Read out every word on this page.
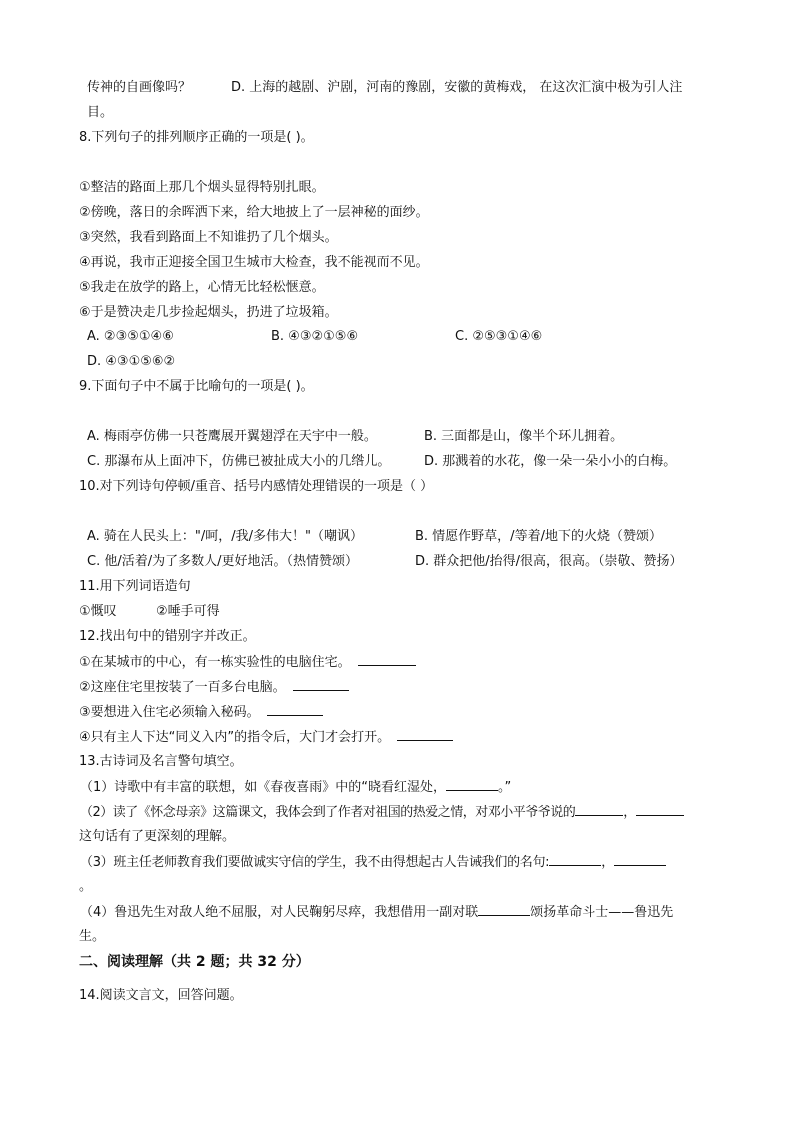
传神的自画像吗？	D. 上海的越剧、沪剧，河南的豫剧，安徽的黄梅戏， 在这次汇演中极为引人注
目。
8.下列句子的排列顺序正确的一项是( )。
①整洁的路面上那几个烟头显得特别扎眼。
②傍晚，落日的余晖洒下来，给大地披上了一层神秘的面纱。
③突然，我看到路面上不知谁扔了几个烟头。
④再说，我市正迎接全国卫生城市大检查，我不能视而不见。
⑤我走在放学的路上，心情无比轻松惬意。
⑥于是赞决走几步捡起烟头，扔进了垃圾箱。
A. ②③⑤①④⑥	B. ④③②①⑤⑥	C. ②⑤③①④⑥
D. ④③①⑤⑥②
9.下面句子中不属于比喻句的一项是( )。
A. 梅雨亭仿佛一只苍鹰展开翼翅浮在天宇中一般。	B. 三面都是山，像半个环儿拥着。
C. 那瀑布从上面冲下，仿佛已被扯成大小的几绺儿。	D. 那溅着的水花，像一朵一朵小小的白梅。
10.对下列诗句停顿/重音、括号内感情处理错误的一项是（ ）
A. 骑在人民头上："/呵，/我/多伟大！"（嘲讽）	B. 情愿作野草，/等着/地下的火烧（赞颂）
C. 他/活着/为了多数人/更好地活。（热情赞颂）	D. 群众把他/抬得/很高，很高。（崇敬、赞扬）
11.用下列词语造句
①慨叹	②唾手可得
12.找出句中的错别字并改正。
①在某城市的中心，有一栋实验性的电脑住宅。
②这座住宅里按装了一百多台电脑。
③要想进入住宅必须输入秘码。
④只有主人下达“同义入内”的指令后，大门才会打开。
13.古诗词及名言警句填空。
（1）诗歌中有丰富的联想，如《春夜喜雨》中的“晓看红湿处，	。”
（2）读了《怀念母亲》这篇课文，我体会到了作者对祖国的热爱之情，对邓小平爷爷说的	，
这句话有了更深刻的理解。
（3）班主任老师教育我们要做诚实守信的学生，我不由得想起古人告诫我们的名句:	，
。
（4）鲁迅先生对敌人绝不屈服，对人民鞠躬尽瘁，我想借用一副对联	颂扬革命斗士——鲁迅先
生。
二、阅读理解（共 2 题；共 32 分）
14.阅读文言文，回答问题。
